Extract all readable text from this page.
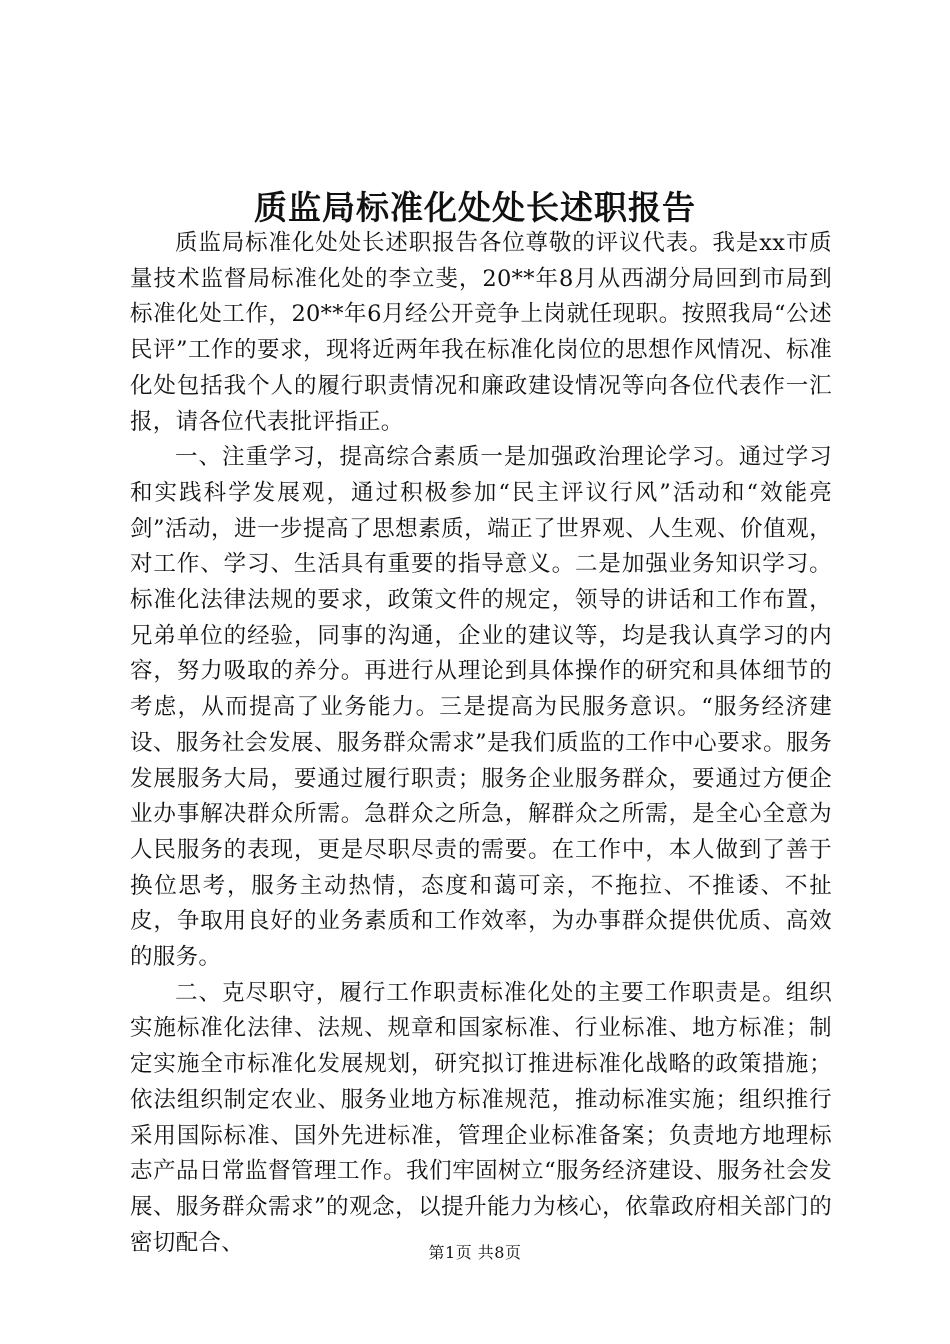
质监局标准化处处长述职报告

质监局标准化处处长述职报告各位尊敬的评议代表。我是xx市质量技术监督局标准化处的李立斐，20**年8月从西湖分局回到市局到标准化处工作，20**年6月经公开竞争上岗就任现职。按照我局“公述民评”工作的要求，现将近两年我在标准化岗位的思想作风情况、标准化处包括我个人的履行职责情况和廉政建设情况等向各位代表作一汇报，请各位代表批评指正。

一、注重学习，提高综合素质一是加强政治理论学习。通过学习和实践科学发展观，通过积极参加“民主评议行风”活动和“效能亮剑”活动，进一步提高了思想素质，端正了世界观、人生观、价值观，对工作、学习、生活具有重要的指导意义。二是加强业务知识学习。标准化法律法规的要求，政策文件的规定，领导的讲话和工作布置，兄弟单位的经验，同事的沟通，企业的建议等，均是我认真学习的内容，努力吸取的养分。再进行从理论到具体操作的研究和具体细节的考虑，从而提高了业务能力。三是提高为民服务意识。“服务经济建设、服务社会发展、服务群众需求”是我们质监的工作中心要求。服务发展服务大局，要通过履行职责；服务企业服务群众，要通过方便企业办事解决群众所需。急群众之所急，解群众之所需，是全心全意为人民服务的表现，更是尽职尽责的需要。在工作中，本人做到了善于换位思考，服务主动热情，态度和蔼可亲，不拖拉、不推诿、不扯皮，争取用良好的业务素质和工作效率，为办事群众提供优质、高效的服务。

二、克尽职守，履行工作职责标准化处的主要工作职责是。组织实施标准化法律、法规、规章和国家标准、行业标准、地方标准；制定实施全市标准化发展规划，研究拟订推进标准化战略的政策措施；依法组织制定农业、服务业地方标准规范，推动标准实施；组织推行采用国际标准、国外先进标准，管理企业标准备案；负责地方地理标志产品日常监督管理工作。我们牢固树立“服务经济建设、服务社会发展、服务群众需求”的观念，以提升能力为核心，依靠政府相关部门的密切配合、	第1页 共8页
